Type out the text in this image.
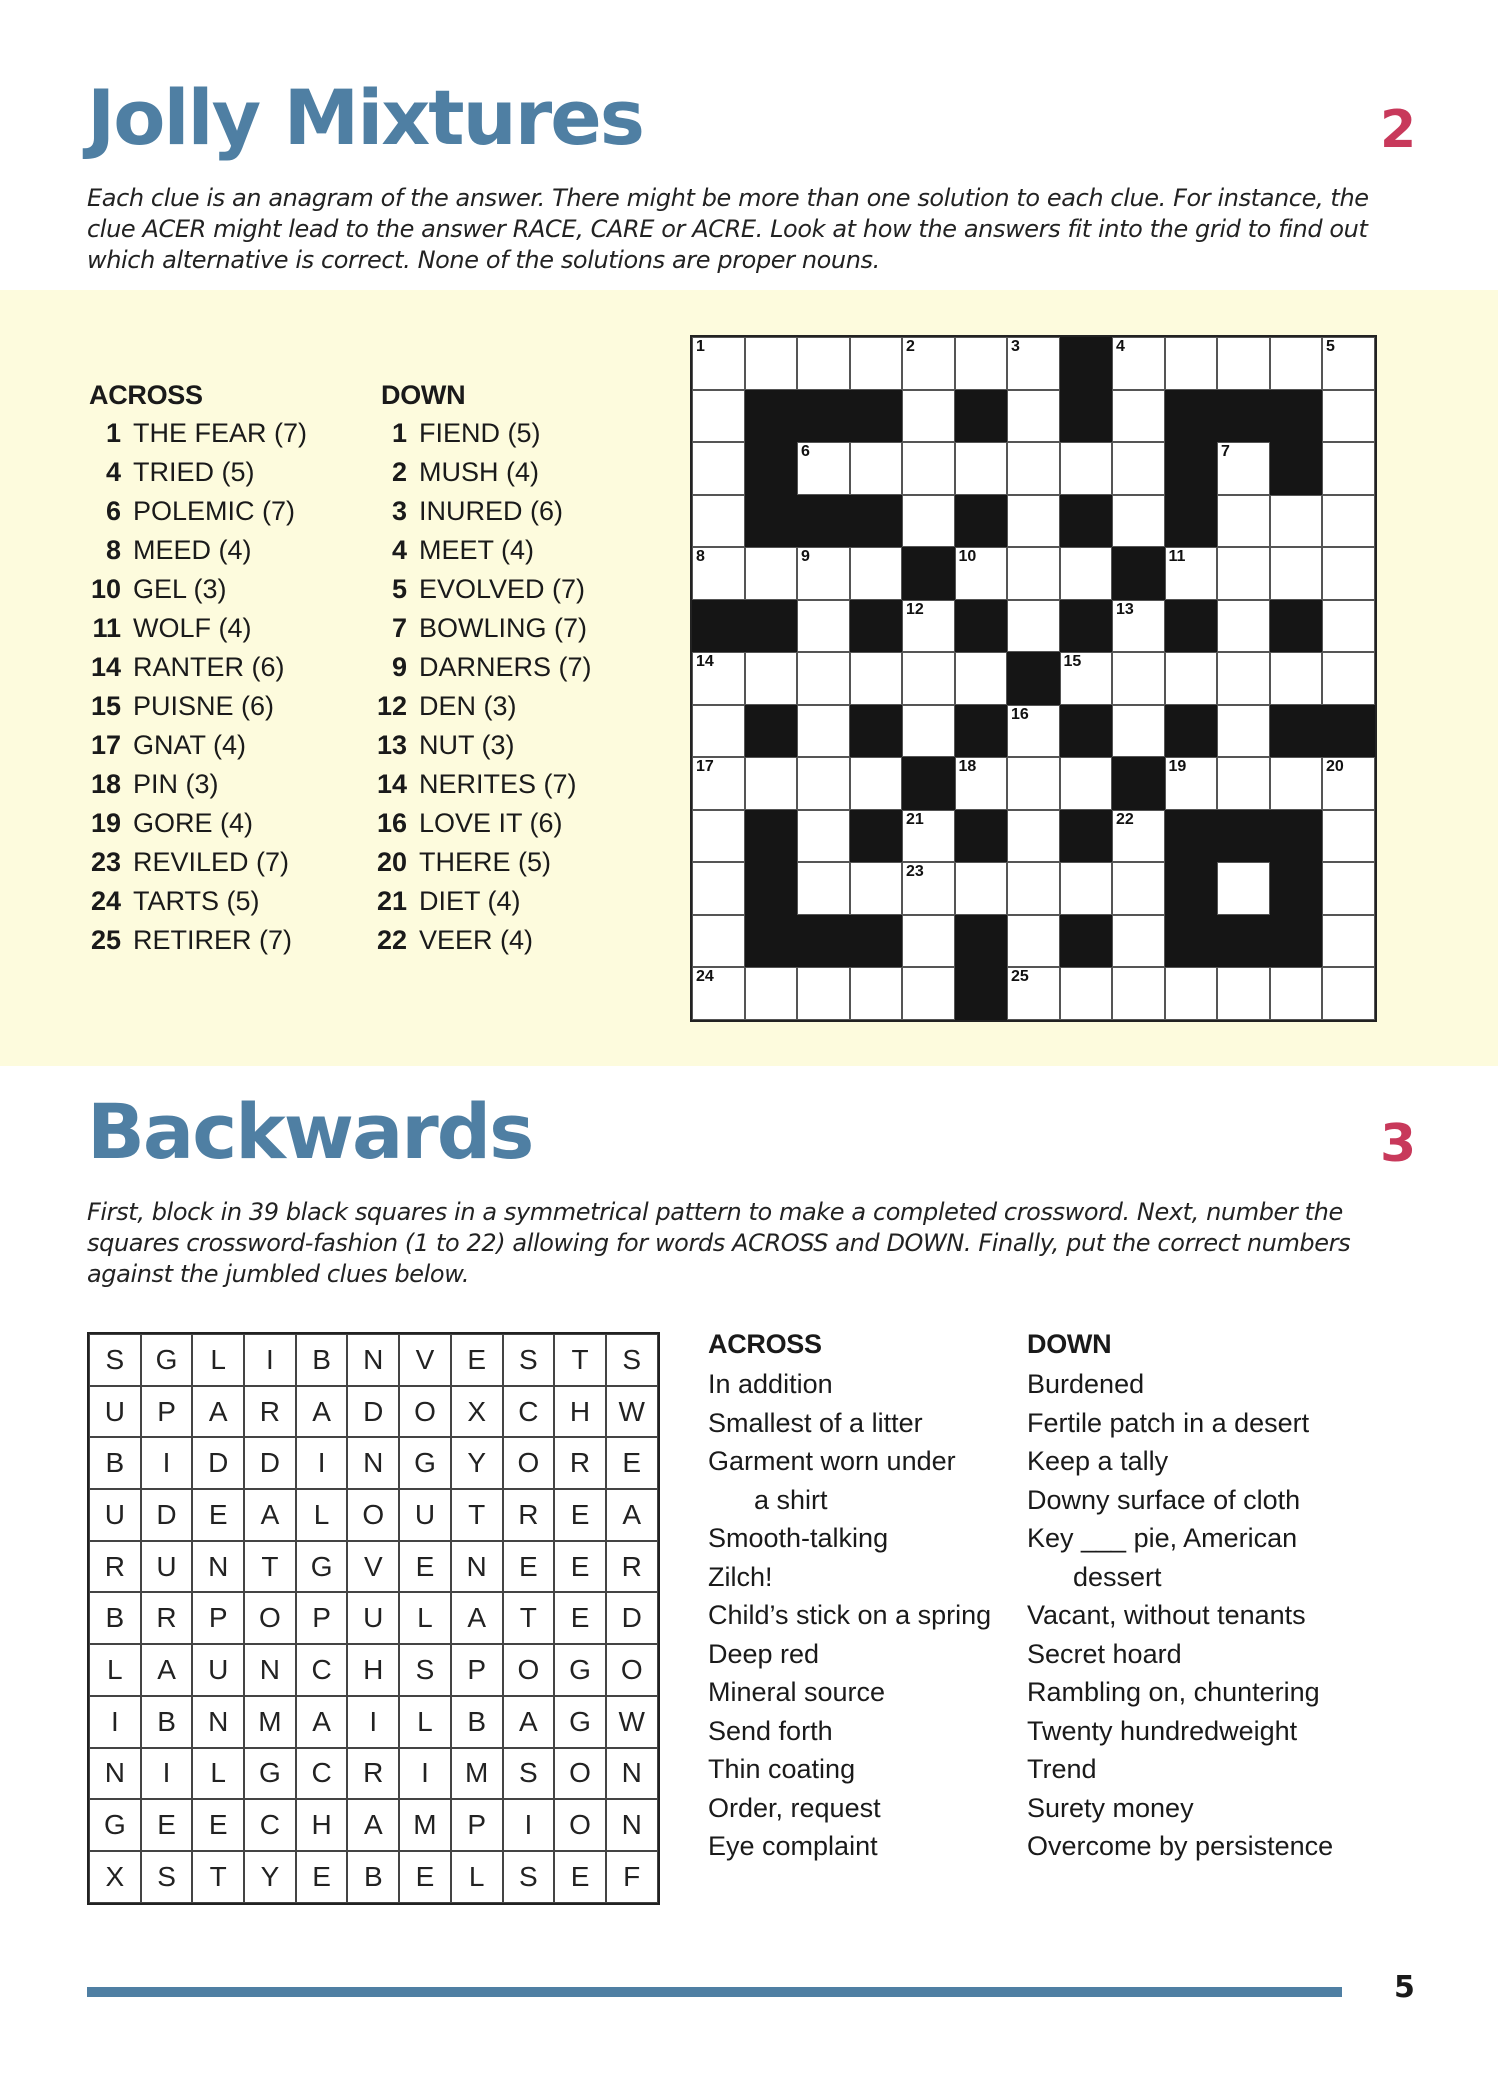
Jolly Mixtures	2
Each clue is an anagram of the answer. There might be more than one solution to each clue. For instance, the
clue ACER might lead to the answer RACE, CARE or ACRE. Look at how the answers fit into the grid to find out
which alternative is correct. None of the solutions are proper nouns.
ACROSS	DOWN
1 THE FEAR (7)
4 TRIED (5)
6 POLEMIC (7)
8 MEED (4)
10 GEL (3)
11 WOLF (4)
14 RANTER (6)
15 PUISNE (6)
17 GNAT (4)
18 PIN (3)
19 GORE (4)
23 REVILED (7)
24 TARTS (5)
25 RETIRER (7)
1 FIEND (5)
2 MUSH (4)
3 INURED (6)
4 MEET (4)
5 EVOLVED (7)
7 BOWLING (7)
9 DARNERS (7)
12 DEN (3)
13 NUT (3)
14 NERITES (7)
16 LOVE IT (6)
20 THERE (5)
21 DIET (4)
22 VEER (4)
1	2	3	4	5
6	7
8	9	10	11
12	13
14	15
16
17	18	19	20
21	22
23
24	25
Backwards	3
First, block in 39 black squares in a symmetrical pattern to make a completed crossword. Next, number the
squares crossword-fashion (1 to 22) allowing for words ACROSS and DOWN. Finally, put the correct numbers
against the jumbled clues below.
S	G	L	I	B	N	V	E	S	T	S
U	P	A	R	A	D	O	X	C	H	W
B	I	D	D	I	N	G	Y	O	R	E
U	D	E	A	L	O	U	T	R	E	A
R	U	N	T	G	V	E	N	E	E	R
B	R	P	O	P	U	L	A	T	E	D
L	A	U	N	C	H	S	P	O	G	O
I	B	N	M	A	I	L	B	A	G W
N	I	L	G	C	R	I	M	S	O	N
G	E	E	C	H	A	M	P	I	O	N
X	S	T	Y	E	B	E	L	S	E	F
ACROSS	DOWN
In addition
Smallest of a litter
Garment worn under

a shirt
Smooth-talking
Zilch!
Child’s stick on a spring
Deep red
Mineral source
Send forth
Thin coating
Order, request
Eye complaint
Burdened
Fertile patch in a desert
Keep a tally
Downy surface of cloth
Key ___ pie, American

dessert
Vacant, without tenants
Secret hoard
Rambling on, chuntering
Twenty hundredweight
Trend
Surety money
Overcome by persistence
5
